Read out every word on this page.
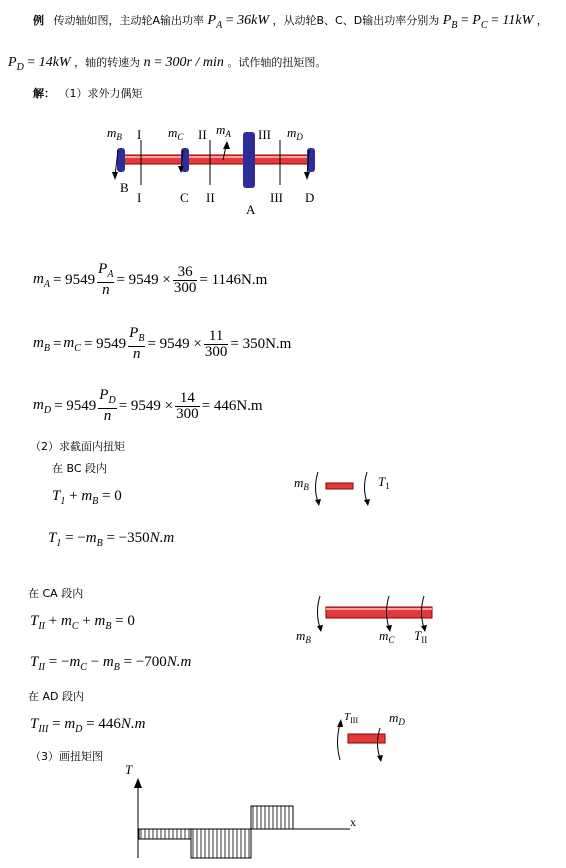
例 传动轴如图，主动轮A输出功率 $P_A = 36kW$ ，从动轮B、C、D输出功率分别为 $P_B = P_C = 11kW$ ，
$P_D = 14kW$ ，轴的转速为 n = 300r / min 。试作轴的扭矩图。
解： （1）求外力偶矩
$m_B$	$m_C$	$m_A$	$m_D$
I	II	III
B
I	C II
A
III D
$m_A = 9549 \frac{P_A}{n} = 9549 \times \frac{36}{300} = 1146N.m$
$m_B = m_C = 9549 \frac{P_B}{n} = 9549 \times \frac{11}{300} = 350N.m$
$m_D = 9549 \frac{P_D}{n} = 9549 \times \frac{14}{300} = 446N.m$
（2）求截面内扭矩
在 BC 段内
$T_1 + m_B = 0$
$T_1 = -m_B = -350N.m$
$m_B$	$T_1$
在 CA 段内
$T_{II} + m_C + m_B = 0$
$T_{II} = -m_C - m_B = -700N.m$
$m_B$	$m_C$ $T_{II}$
在 AD 段内
$T_{III} = m_D = 446N.m$	$T_{III}$ $m_D$
（3）画扭矩图
T
x
